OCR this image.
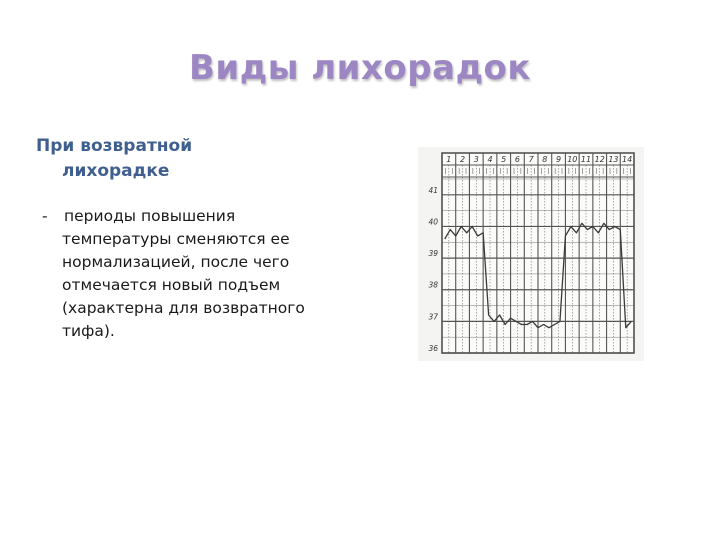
Виды лихорадок
При возвратной
лихорадке
- периоды повышения
температуры сменяются ее
нормализацией, после чего
отмечается новый подъем
(характерна для возвратного
тифа).
1 2 3 4 5 6 7 8 9 10 11 12 13 14
36
37
38
39
40
41
